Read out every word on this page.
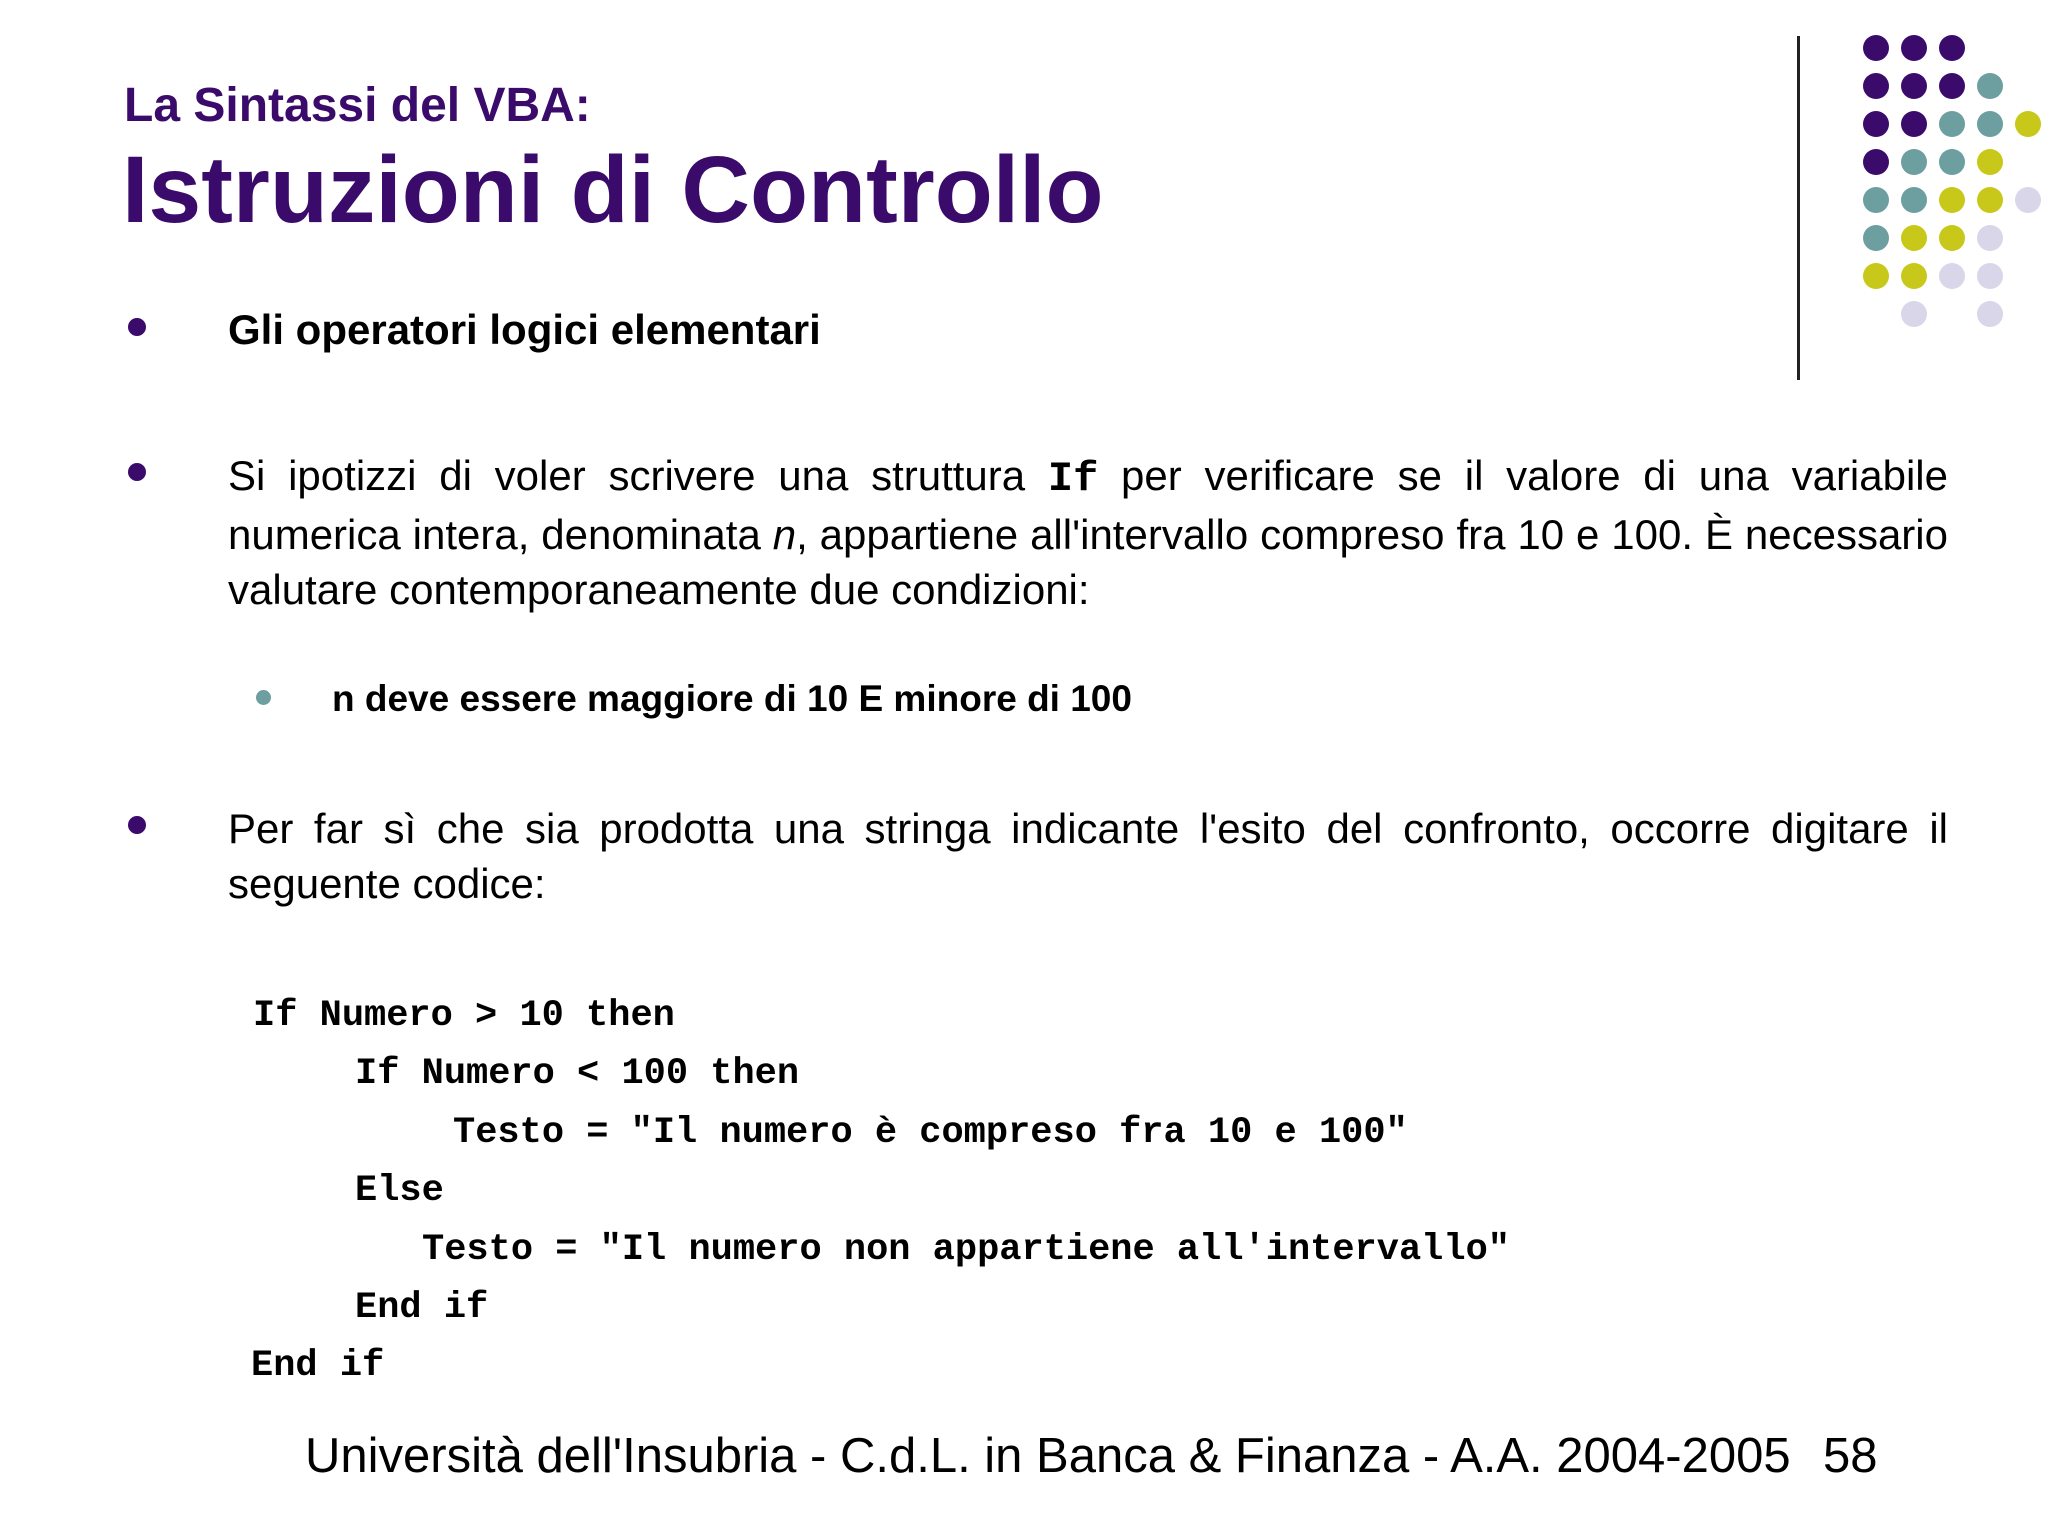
La Sintassi del VBA:
Istruzioni di Controllo
Gli operatori logici elementari
Si ipotizzi di voler scrivere una struttura If per verificare se il valore di una variabile numerica intera, denominata n, appartiene all'intervallo compreso fra 10 e 100. È necessario valutare contemporaneamente due condizioni:
n deve essere maggiore di 10 E minore di 100
Per far sì che sia prodotta una stringa indicante l'esito del confronto, occorre digitare il seguente codice:
If Numero > 10 then
If Numero < 100 then
Testo = "Il numero è compreso fra 10 e 100"
Else
Testo = "Il numero non appartiene all'intervallo"
End if
End if
Università dell'Insubria - C.d.L. in Banca & Finanza - A.A. 2004-2005 58
